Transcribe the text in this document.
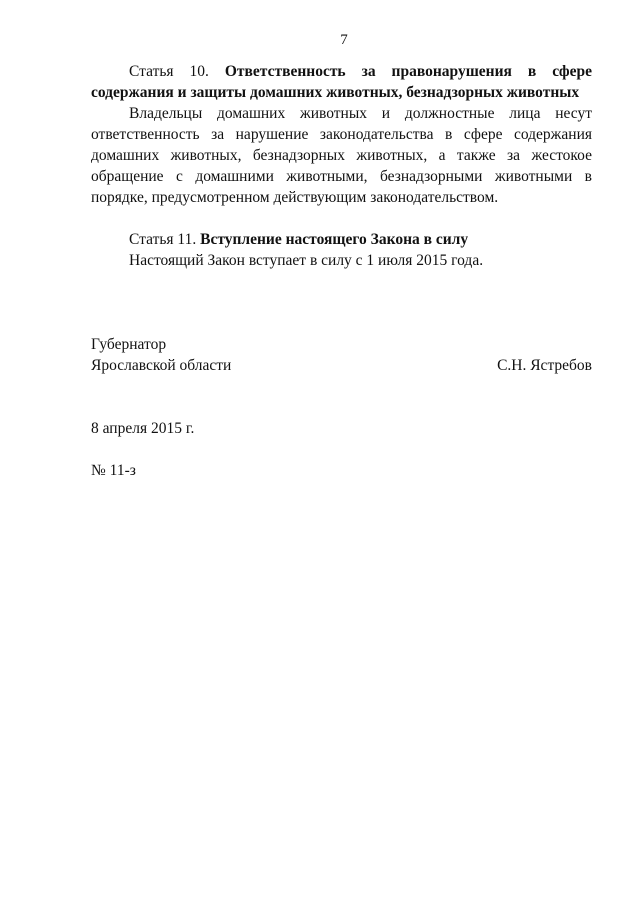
7

Статья 10. Ответственность за правонарушения в сфере содержания и защиты домашних животных, безнадзорных животных

Владельцы домашних животных и должностные лица несут ответственность за нарушение законодательства в сфере содержания домашних животных, безнадзорных животных, а также за жестокое обращение с домашними животными, безнадзорными животными в порядке, предусмотренном действующим законодательством.

Статья 11. Вступление настоящего Закона в силу

Настоящий Закон вступает в силу с 1 июля 2015 года.

Губернатор
Ярославской области	С.Н. Ястребов
8 апреля 2015 г.
№ 11-з
